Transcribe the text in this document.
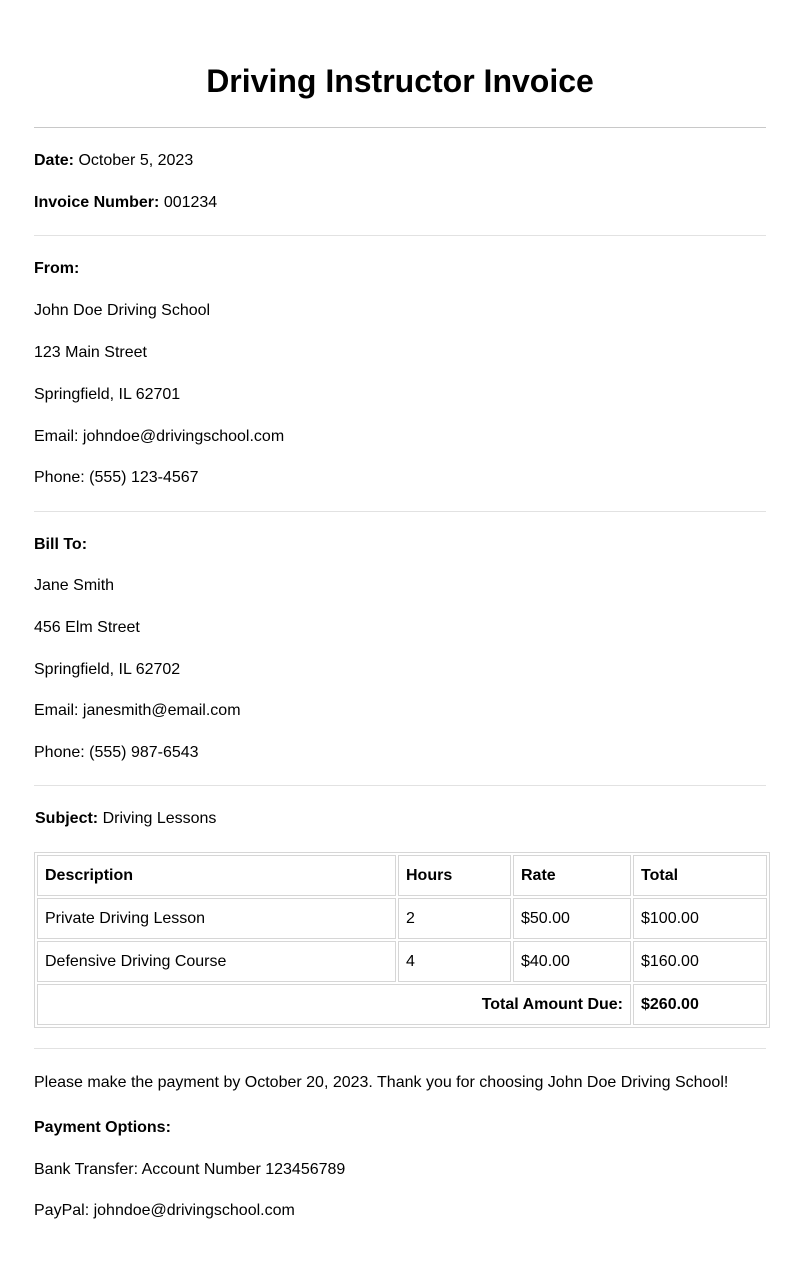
Driving Instructor Invoice

Date: October 5, 2023

Invoice Number: 001234

From:

John Doe Driving School

123 Main Street

Springfield, IL 62701

Email: johndoe@drivingschool.com

Phone: (555) 123-4567

Bill To:

Jane Smith

456 Elm Street

Springfield, IL 62702

Email: janesmith@email.com

Phone: (555) 987-6543

Subject: Driving Lessons

Description	Hours	Rate	Total
Private Driving Lesson	2	$50.00	$100.00
Defensive Driving Course	4	$40.00	$160.00
Total Amount Due:			$260.00

Please make the payment by October 20, 2023. Thank you for choosing John Doe Driving School!

Payment Options:

Bank Transfer: Account Number 123456789

PayPal: johndoe@drivingschool.com
